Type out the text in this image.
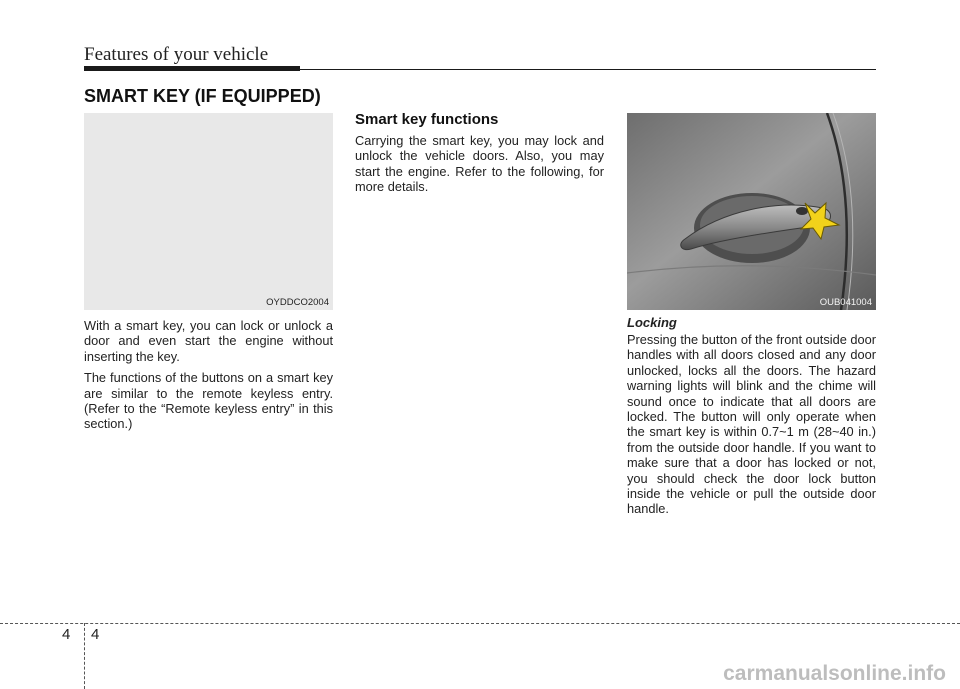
Features of your vehicle
SMART KEY (IF EQUIPPED)
OYDDCO2004

With a smart key, you can lock or unlock a door and even start the engine without inserting the key.

The functions of the buttons on a smart key are similar to the remote keyless entry. (Refer to the “Remote keyless entry” in this section.)

Smart key functions

Carrying the smart key, you may lock and unlock the vehicle doors. Also, you may start the engine. Refer to the following, for more details.

OUB041004
Locking

Pressing the button of the front outside door handles with all doors closed and any door unlocked, locks all the doors. The hazard warning lights will blink and the chime will sound once to indicate that all doors are locked. The button will only operate when the smart key is within 0.7~1 m (28~40 in.) from the outside door handle. If you want to make sure that a door has locked or not, you should check the door lock button inside the vehicle or pull the outside door handle.

4 4
carmanualsonline.info
